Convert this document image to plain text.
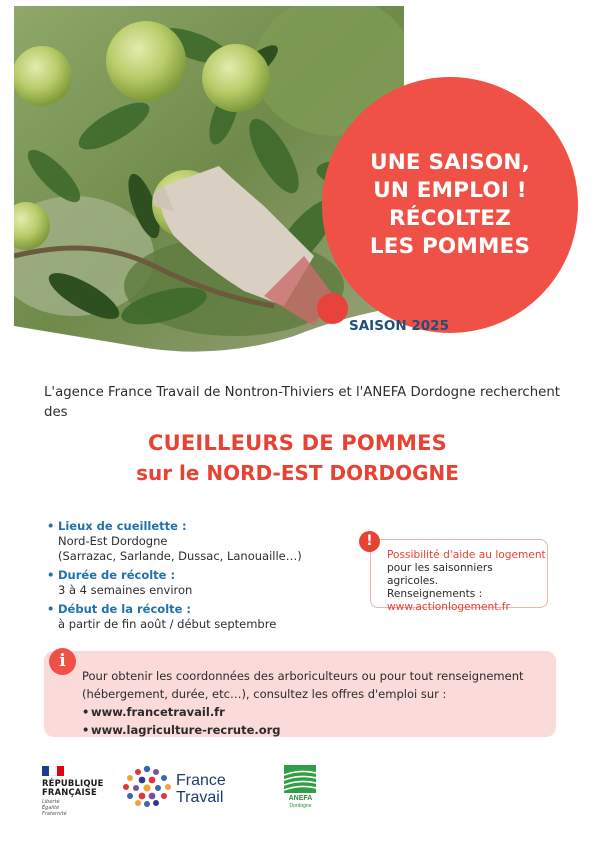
UNE SAISON,
UN EMPLOI !
RÉCOLTEZ
LES POMMES
SAISON 2025

L'agence France Travail de Nontron-Thiviers et l'ANEFA Dordogne recherchent des

CUEILLEURS DE POMMES
sur le NORD-EST DORDOGNE
• Lieux de cueillette :
Nord-Est Dordogne
(Sarrazac, Sarlande, Dussac, Lanouaille…)
• Durée de récolte :
3 à 4 semaines environ
• Début de la récolte :
à partir de fin août / début septembre

Possibilité d'aide au logement

pour les saisonniers agricoles.

Renseignements :

www.actionlogement.fr

!

Pour obtenir les coordonnées des arboriculteurs ou pour tout renseignement

(hébergement, durée, etc…), consultez les offres d'emploi sur :

• www.francetravail.fr
• www.lagriculture-recrute.org
i
RÉPUBLIQUE
FRANÇAISE
Liberté
Égalité
Fraternité
France
Travail	ANEFA
Dordogne
